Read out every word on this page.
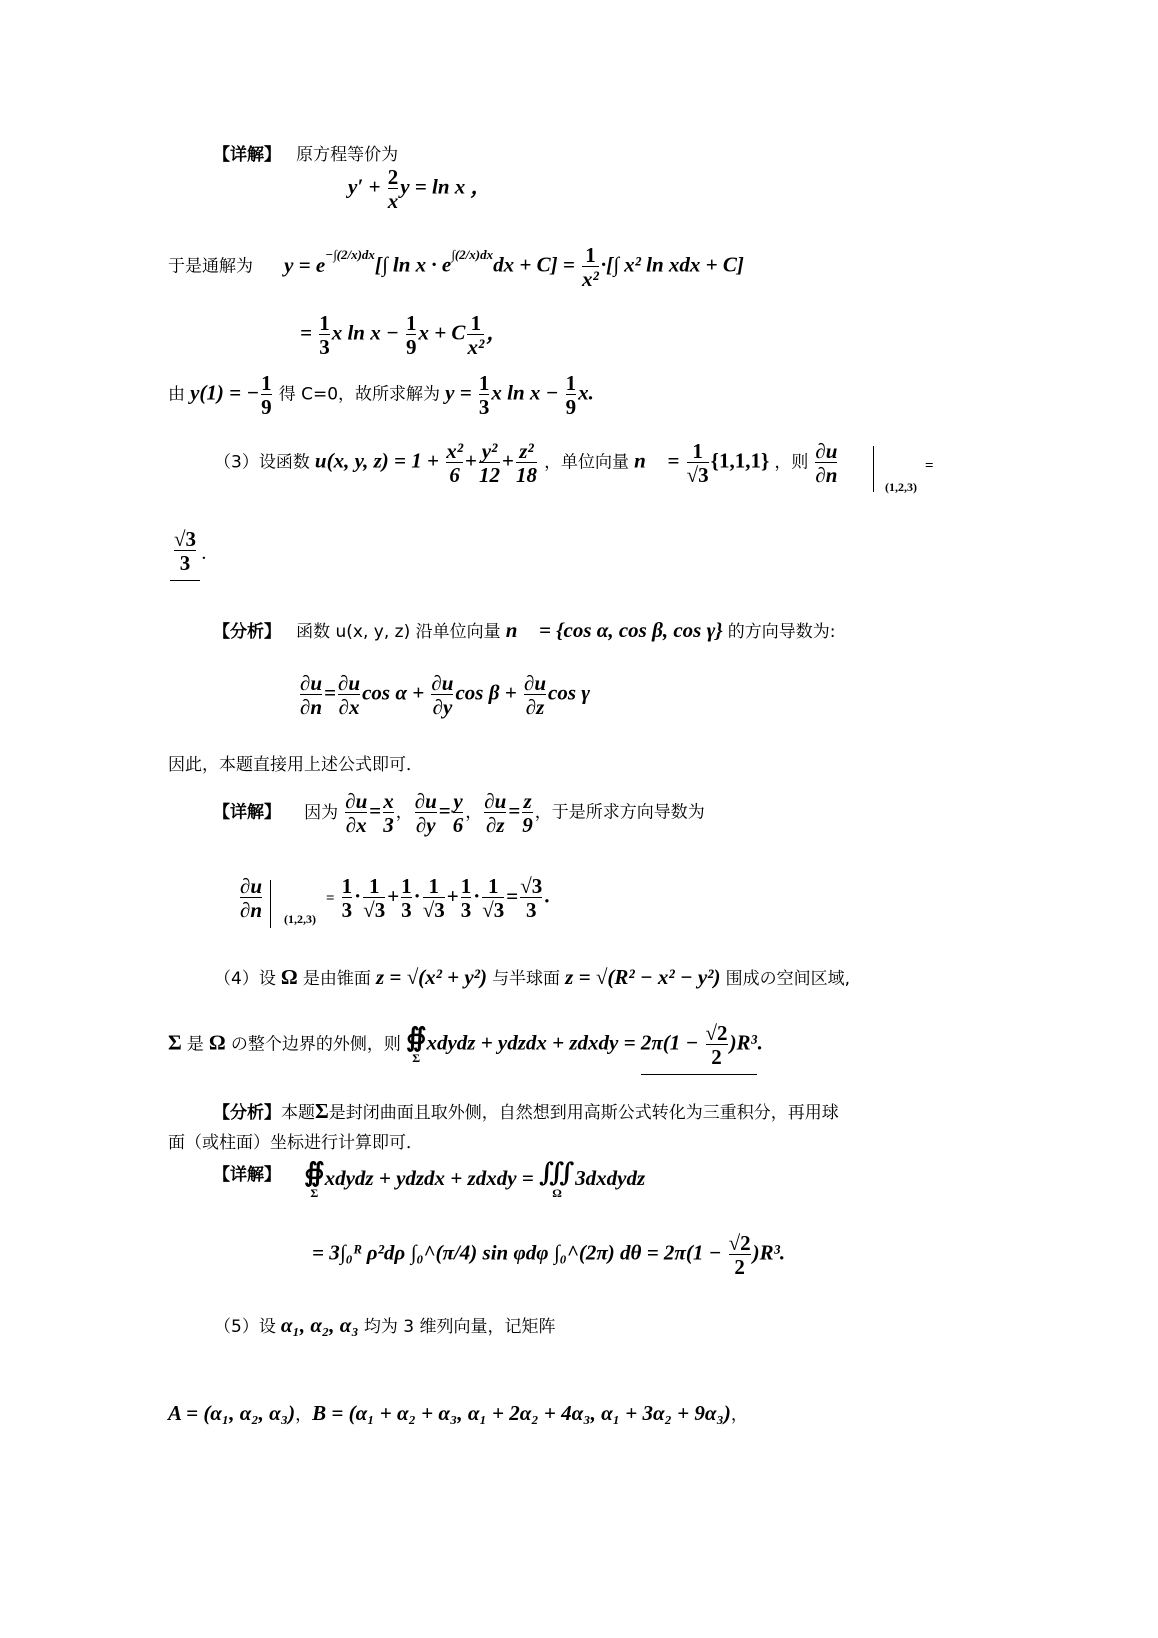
【详解】 原方程等价为
$y' + \frac{2}{x}$ y = ln x ，
于是通解为 $y = e^{-\int(2/x)dx}[\int$ $\ln x \cdot e^{\int(2/x)dx}dx + C] = \frac{1}{\text{x²}}$ ·[∫ x² ln xdx + C]
= $\frac{1}{3}$ x $\ln x - \frac{1}{9}$ x + C $\frac{1}{\text{x²}}$ ，
由 y(1) = − $\frac{1}{9}$ 得 C=0，故所求解为 $y = \frac{1}{3}$ x $\ln x - \frac{1}{9} x$.
（3）设函数 u(x, y, $z) = 1 + \frac{\text{x²}}{6} + \frac{\text{y²}}{12} + \frac{\text{z²}}{18}$ ，单位向量 n⃗ = $\frac{1}{√3} \{1,1,1\}$ ，则 $\frac{\partial u}{\partial n}$
(1,2,3)
=
$\frac{√3}{3}$ .
【分析】 函数 u(x, y, z) 沿单位向量 n⃗ = {cos α, cos β, cos γ} 的方向导数为:
$\frac{\partial u}{\partial n} = \frac{\partial u}{\partial x}$ $\cos \alpha + \frac{\partial u}{\partial y}$ $\cos \beta + \frac{\partial u}{\partial z}$ cos γ
因此，本题直接用上述公式即可．
【详解】 因为 $\frac{\partial u}{\partial x} = \frac{x}{3}$ ， $\frac{\partial u}{\partial y} = \frac{y}{6}$ ， $\frac{\partial u}{\partial z} = \frac{z}{9}$ ，于是所求方向导数为
$\frac{\partial u}{\partial n} (1,2,3)$
= $\frac{1}{3} \cdot \frac{1}{√3} + \frac{1}{3} \cdot \frac{1}{√3} + \frac{1}{3} \cdot \frac{1}{√3} = \frac{√3}{3}$ .
（4）设 Ω 是由锥面 z = √(x² + y²) 与半球面 z = √(R² − x² − y²) 围成の空间区域,
Σ 是 Ω の整个边界的外侧，则 ∯
Σ
xdydz + ydzdx + zdxdy = $2\pi(1 - \frac{√2}{2} )R^3$.
【分析】本题Σ是封闭曲面且取外侧，自然想到用高斯公式转化为三重积分，再用球
面（或柱面）坐标进行计算即可．
【详解】 ∯
Σ
xdydz + ydzdx + zdxdy = ∭
Ω
3dxdydz
= 3∫₀ᴿ ρ²dρ ∫₀^(π/4) sin φdφ ∫₀^(2π) $d\theta = 2\pi(1 - \frac{√2}{2} )R^3$.
（5）设 α₁, α₂, α₃ 均为 3 维列向量，记矩阵
A = (α₁, α₂, α₃)，B = (α₁ + α₂ + α₃, α₁ + 2α₂ + 4α₃, α₁ + 3α₂ + 9α₃)，
